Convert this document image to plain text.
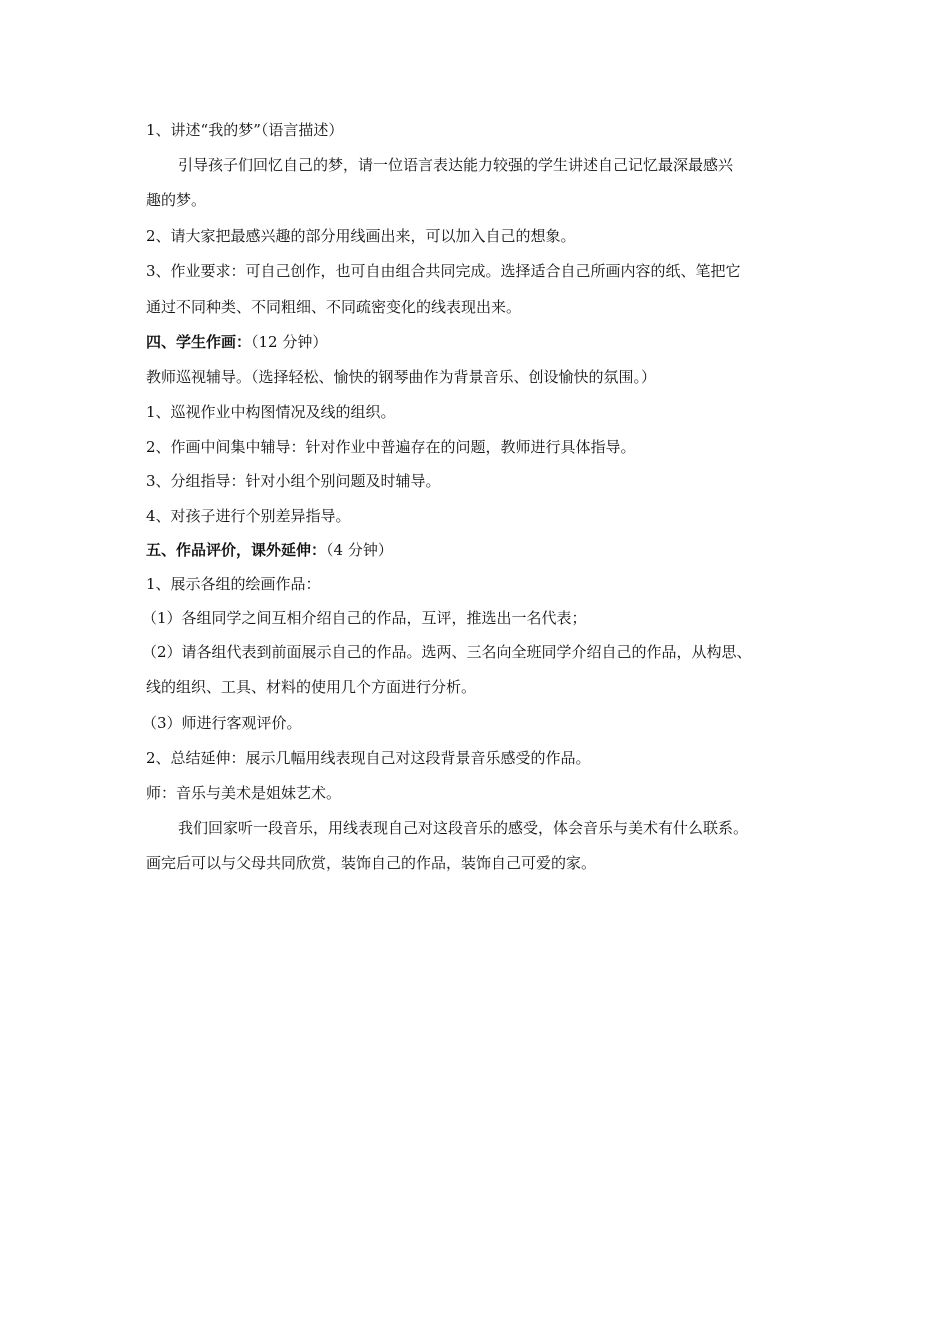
1、讲述“我的梦”（语言描述）
引导孩子们回忆自己的梦，请一位语言表达能力较强的学生讲述自己记忆最深最感兴
趣的梦。
2、请大家把最感兴趣的部分用线画出来，可以加入自己的想象。
3、作业要求：可自己创作，也可自由组合共同完成。选择适合自己所画内容的纸、笔把它
通过不同种类、不同粗细、不同疏密变化的线表现出来。
四、学生作画：（12 分钟）
教师巡视辅导。（选择轻松、愉快的钢琴曲作为背景音乐、创设愉快的氛围。）
1、巡视作业中构图情况及线的组织。
2、作画中间集中辅导：针对作业中普遍存在的问题，教师进行具体指导。
3、分组指导：针对小组个别问题及时辅导。
4、对孩子进行个别差异指导。
五、作品评价，课外延伸：（4 分钟）
1、展示各组的绘画作品：
（1）各组同学之间互相介绍自己的作品，互评，推选出一名代表；
（2）请各组代表到前面展示自己的作品。选两、三名向全班同学介绍自己的作品，从构思、
线的组织、工具、材料的使用几个方面进行分析。
（3）师进行客观评价。
2、总结延伸：展示几幅用线表现自己对这段背景音乐感受的作品。
师：音乐与美术是姐妹艺术。
我们回家听一段音乐，用线表现自己对这段音乐的感受，体会音乐与美术有什么联系。
画完后可以与父母共同欣赏，装饰自己的作品，装饰自己可爱的家。
